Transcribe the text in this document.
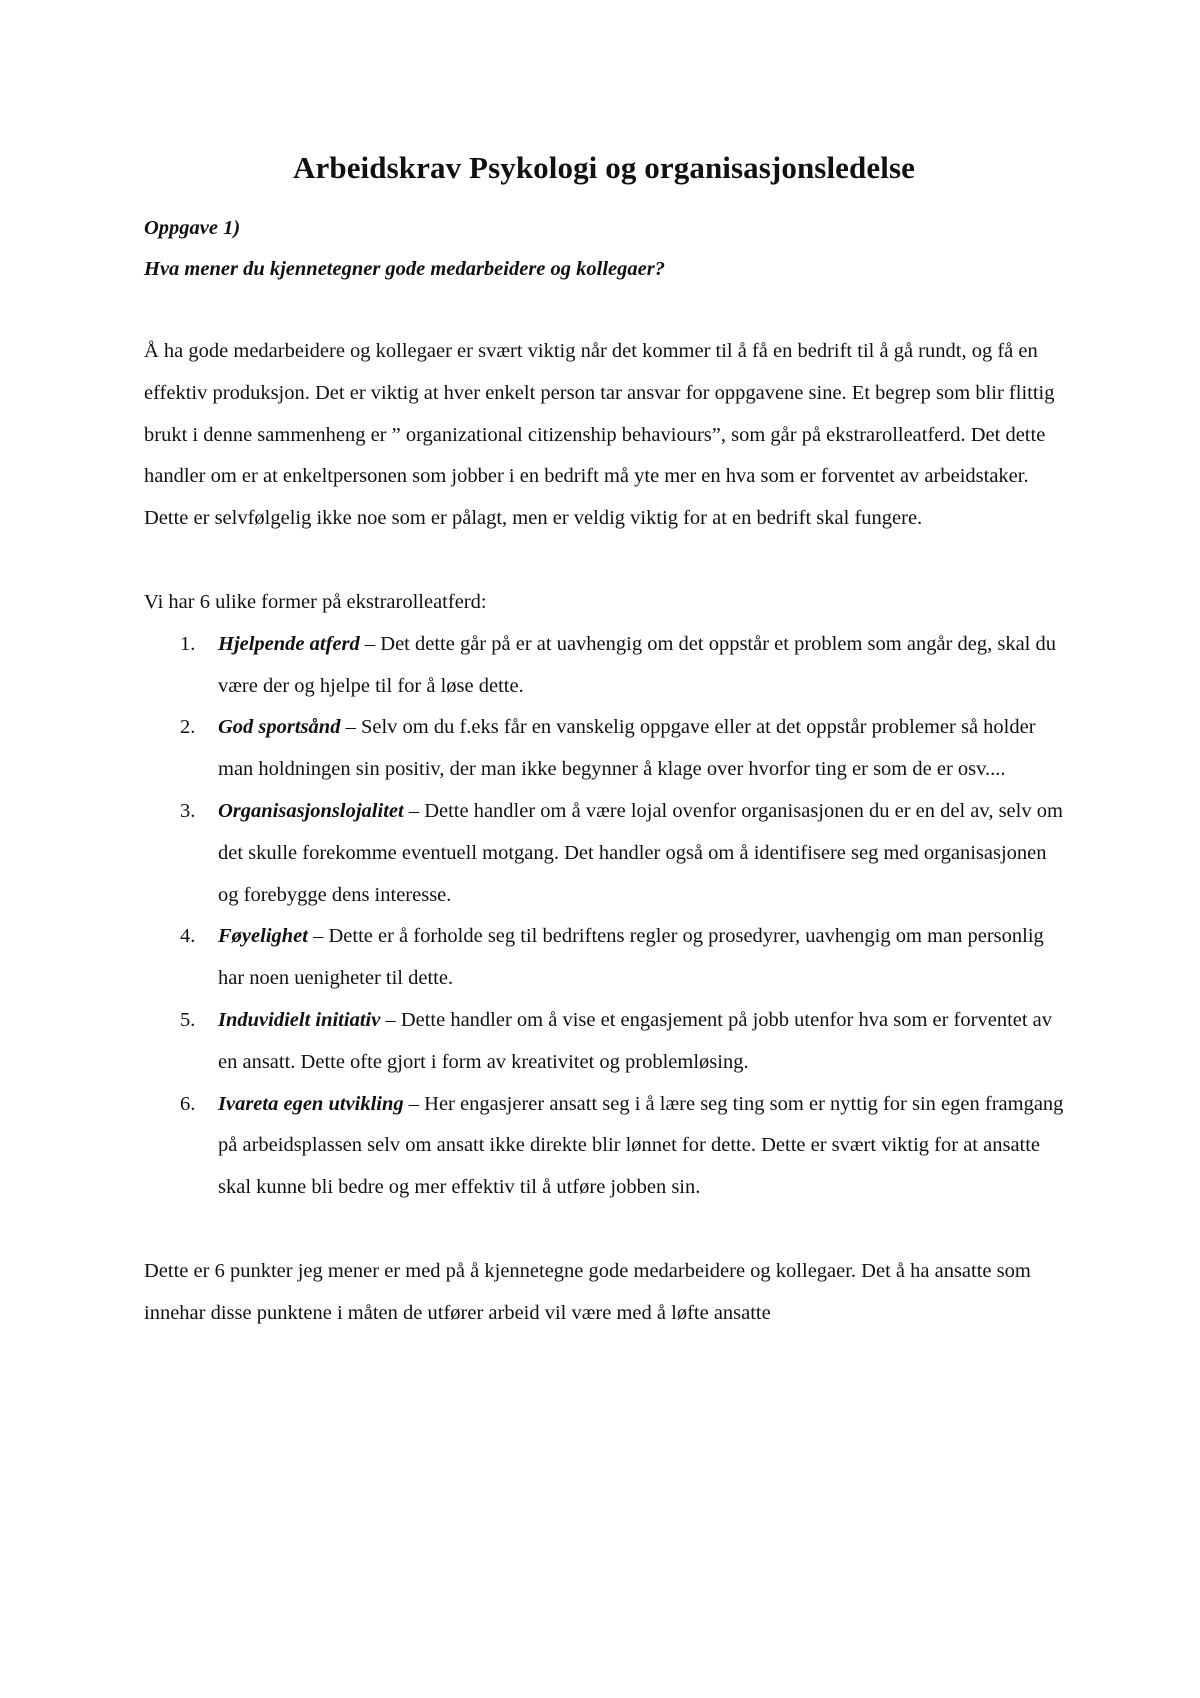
Arbeidskrav Psykologi og organisasjonsledelse

Oppgave 1)

Hva mener du kjennetegner gode medarbeidere og kollegaer?

Å ha gode medarbeidere og kollegaer er svært viktig når det kommer til å få en bedrift til å gå rundt, og få en effektiv produksjon. Det er viktig at hver enkelt person tar ansvar for oppgavene sine. Et begrep som blir flittig brukt i denne sammenheng er ” organizational citizenship behaviours”, som går på ekstrarolleatferd. Det dette handler om er at enkeltpersonen som jobber i en bedrift må yte mer en hva som er forventet av arbeidstaker. Dette er selvfølgelig ikke noe som er pålagt, men er veldig viktig for at en bedrift skal fungere.

Vi har 6 ulike former på ekstrarolleatferd:

1. Hjelpende atferd – Det dette går på er at uavhengig om det oppstår et problem som angår deg, skal du være der og hjelpe til for å løse dette.
2. God sportsånd – Selv om du f.eks får en vanskelig oppgave eller at det oppstår problemer så holder man holdningen sin positiv, der man ikke begynner å klage over hvorfor ting er som de er osv....
3. Organisasjonslojalitet – Dette handler om å være lojal ovenfor organisasjonen du er en del av, selv om det skulle forekomme eventuell motgang. Det handler også om å identifisere seg med organisasjonen og forebygge dens interesse.
4. Føyelighet – Dette er å forholde seg til bedriftens regler og prosedyrer, uavhengig om man personlig har noen uenigheter til dette.
5. Induvidielt initiativ – Dette handler om å vise et engasjement på jobb utenfor hva som er forventet av en ansatt. Dette ofte gjort i form av kreativitet og problemløsing.
6. Ivareta egen utvikling – Her engasjerer ansatt seg i å lære seg ting som er nyttig for sin egen framgang på arbeidsplassen selv om ansatt ikke direkte blir lønnet for dette. Dette er svært viktig for at ansatte skal kunne bli bedre og mer effektiv til å utføre jobben sin.

Dette er 6 punkter jeg mener er med på å kjennetegne gode medarbeidere og kollegaer. Det å ha ansatte som innehar disse punktene i måten de utfører arbeid vil være med å løfte ansatte
